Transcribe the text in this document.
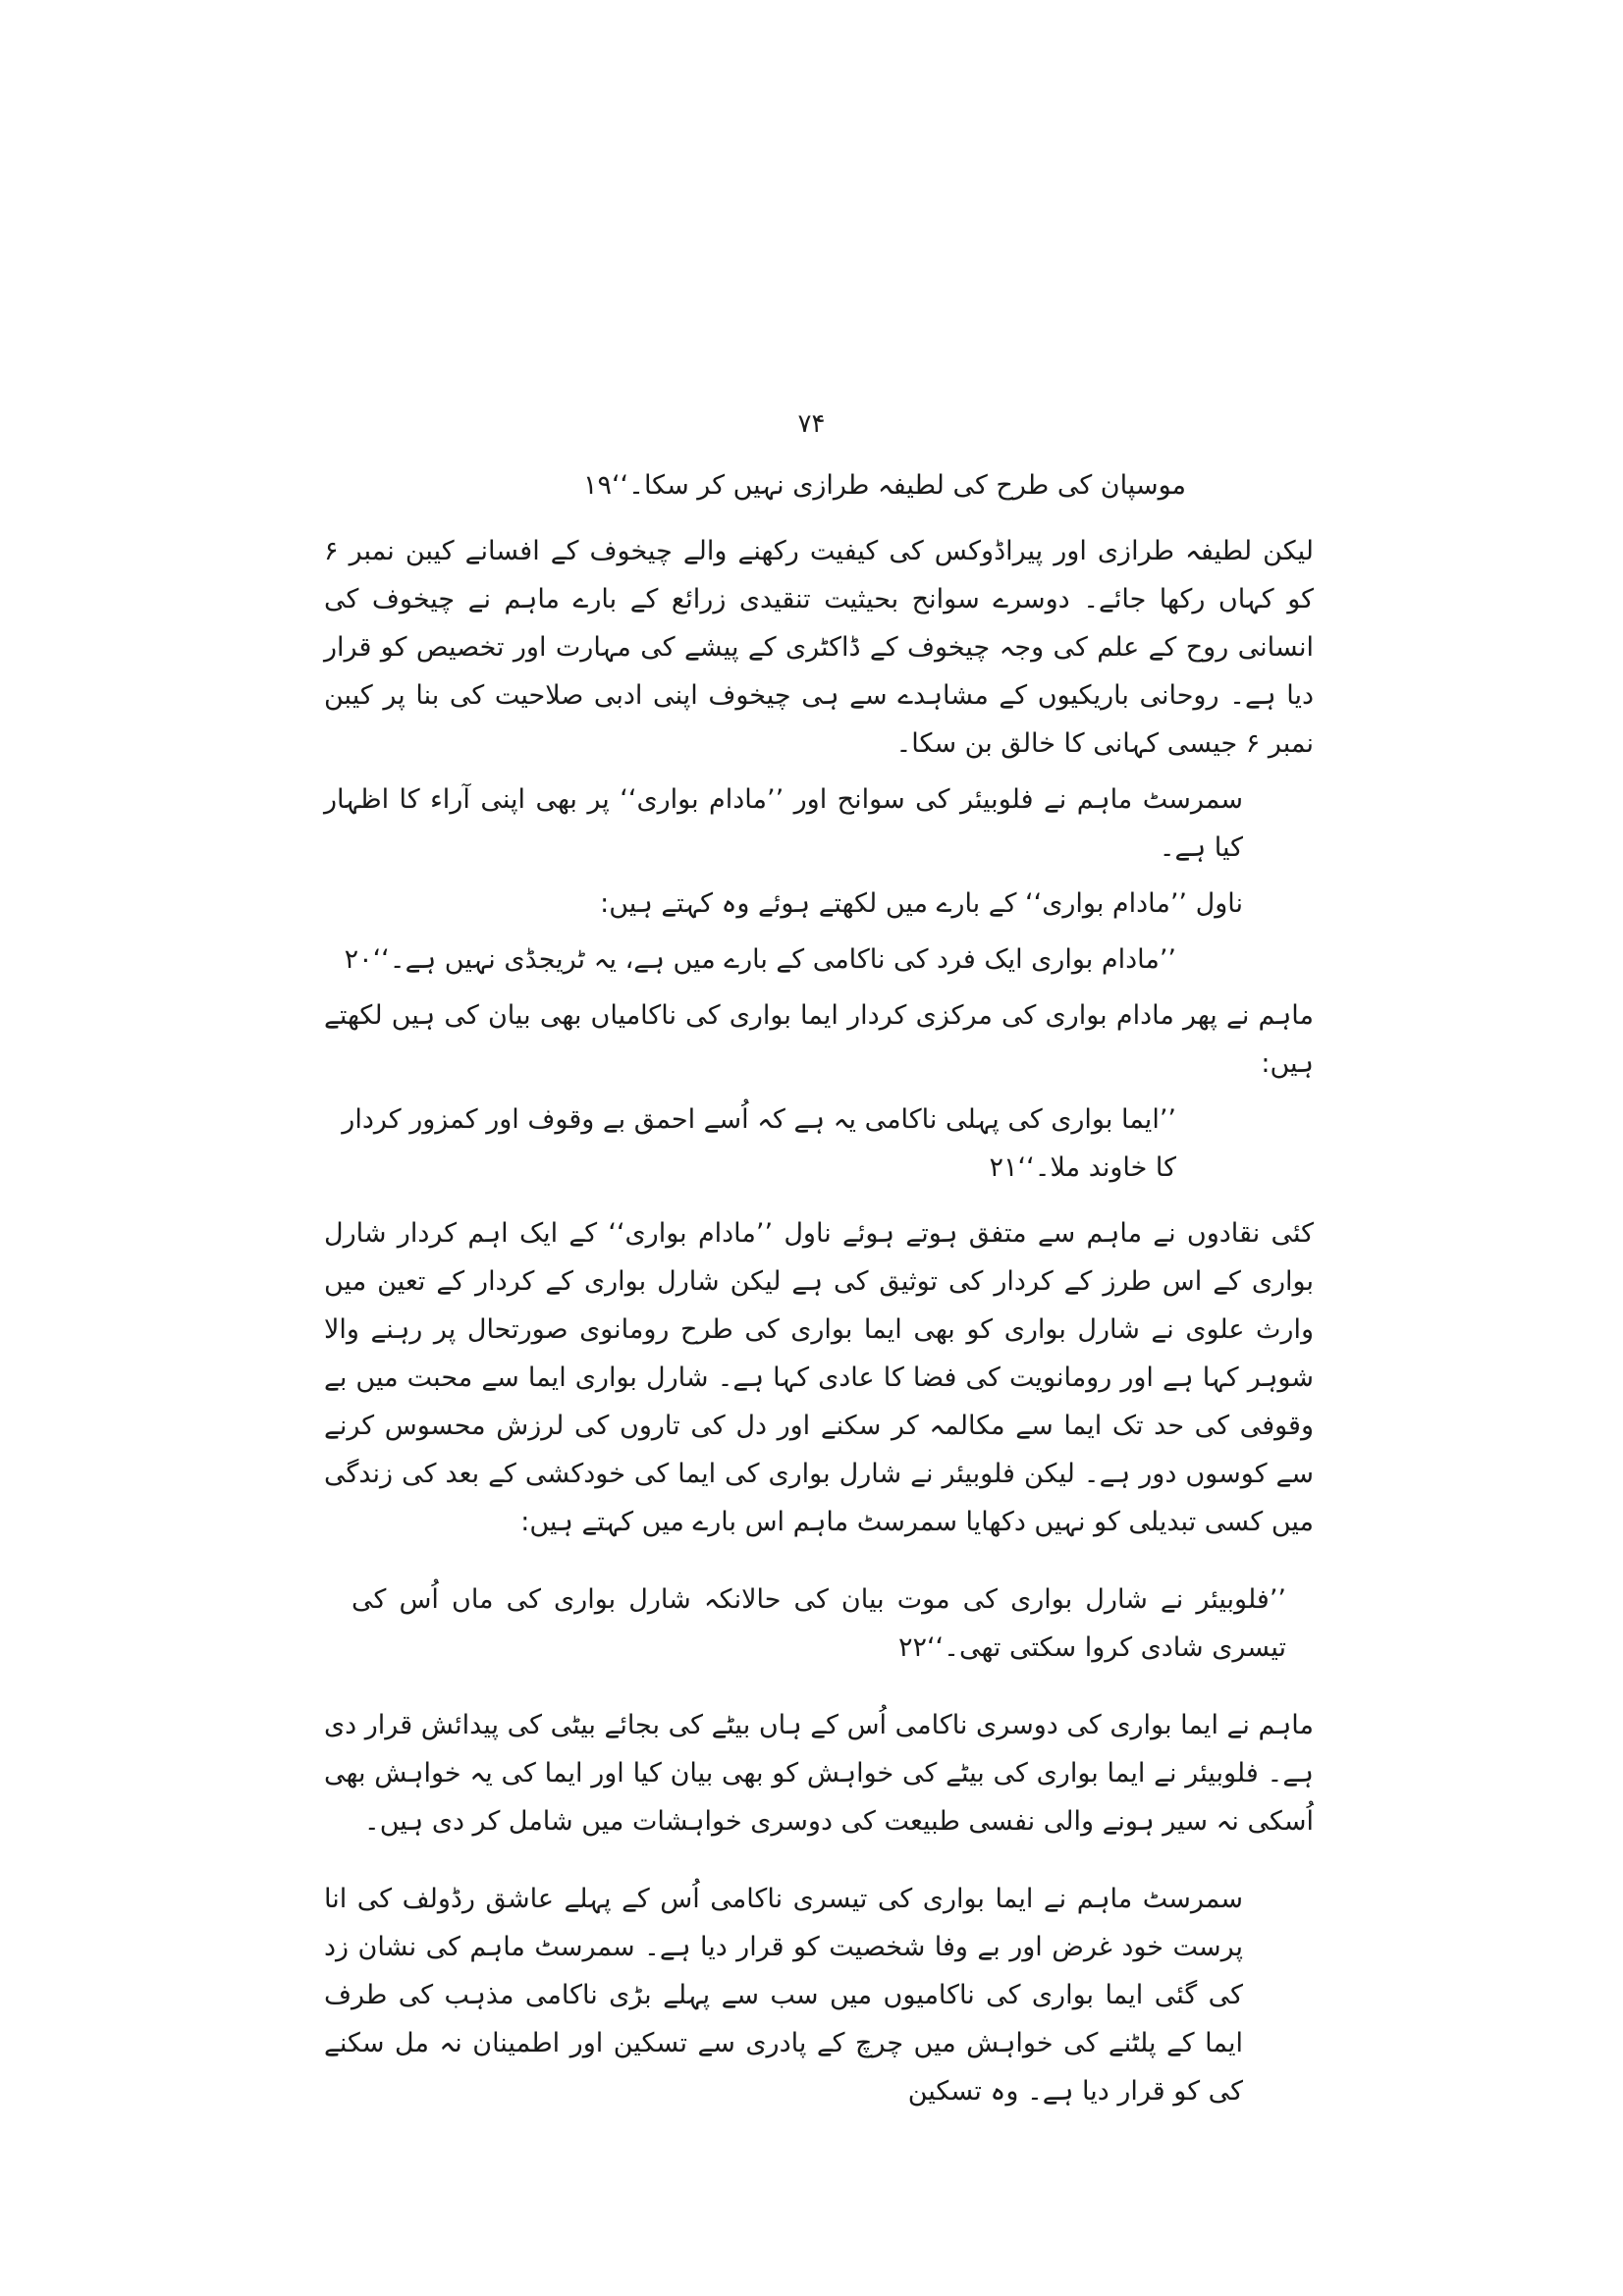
۷۴

موسپان کی طرح کی لطیفہ طرازی نہیں کر سکا۔‘‘۱۹

لیکن لطیفہ طرازی اور پیراڈوکس کی کیفیت رکھنے والے چیخوف کے افسانے کیبن نمبر ۶ کو کہاں رکھا جائے۔ دوسرے سوانح بحیثیت تنقیدی زرائع کے بارے ماہم نے چیخوف کی انسانی روح کے علم کی وجہ چیخوف کے ڈاکٹری کے پیشے کی مہارت اور تخصیص کو قرار دیا ہے۔ روحانی باریکیوں کے مشاہدے سے ہی چیخوف اپنی ادبی صلاحیت کی بنا پر کیبن نمبر ۶ جیسی کہانی کا خالق بن سکا۔

سمرسٹ ماہم نے فلوبیئر کی سوانح اور ’’مادام بواری‘‘ پر بھی اپنی آراء کا اظہار کیا ہے۔

ناول ’’مادام بواری‘‘ کے بارے میں لکھتے ہوئے وہ کہتے ہیں:

’’مادام بواری ایک فرد کی ناکامی کے بارے میں ہے، یہ ٹریجڈی نہیں ہے۔‘‘۲۰

ماہم نے پھر مادام بواری کی مرکزی کردار ایما بواری کی ناکامیاں بھی بیان کی ہیں لکھتے ہیں:

’’ایما بواری کی پہلی ناکامی یہ ہے کہ اُسے احمق بے وقوف اور کمزور کردار کا خاوند ملا۔‘‘۲۱

کئی نقادوں نے ماہم سے متفق ہوتے ہوئے ناول ’’مادام بواری‘‘ کے ایک اہم کردار شارل بواری کے اس طرز کے کردار کی توثیق کی ہے لیکن شارل بواری کے کردار کے تعین میں وارث علوی نے شارل بواری کو بھی ایما بواری کی طرح رومانوی صورتحال پر رہنے والا شوہر کہا ہے اور رومانویت کی فضا کا عادی کہا ہے۔ شارل بواری ایما سے محبت میں بے وقوفی کی حد تک ایما سے مکالمہ کر سکنے اور دل کی تاروں کی لرزش محسوس کرنے سے کوسوں دور ہے۔ لیکن فلوبیئر نے شارل بواری کی ایما کی خودکشی کے بعد کی زندگی میں کسی تبدیلی کو نہیں دکھایا سمرسٹ ماہم اس بارے میں کہتے ہیں:

’’فلوبیئر نے شارل بواری کی موت بیان کی حالانکہ شارل بواری کی ماں اُس کی تیسری شادی کروا سکتی تھی۔‘‘۲۲

ماہم نے ایما بواری کی دوسری ناکامی اُس کے ہاں بیٹے کی بجائے بیٹی کی پیدائش قرار دی ہے۔ فلوبیئر نے ایما بواری کی بیٹے کی خواہش کو بھی بیان کیا اور ایما کی یہ خواہش بھی اُسکی نہ سیر ہونے والی نفسی طبیعت کی دوسری خواہشات میں شامل کر دی ہیں۔

سمرسٹ ماہم نے ایما بواری کی تیسری ناکامی اُس کے پہلے عاشق رڈولف کی انا پرست خود غرض اور بے وفا شخصیت کو قرار دیا ہے۔ سمرسٹ ماہم کی نشان زد کی گئی ایما بواری کی ناکامیوں میں سب سے پہلے بڑی ناکامی مذہب کی طرف ایما کے پلٹنے کی خواہش میں چرچ کے پادری سے تسکین اور اطمینان نہ مل سکنے کی کو قرار دیا ہے۔ وہ تسکین
